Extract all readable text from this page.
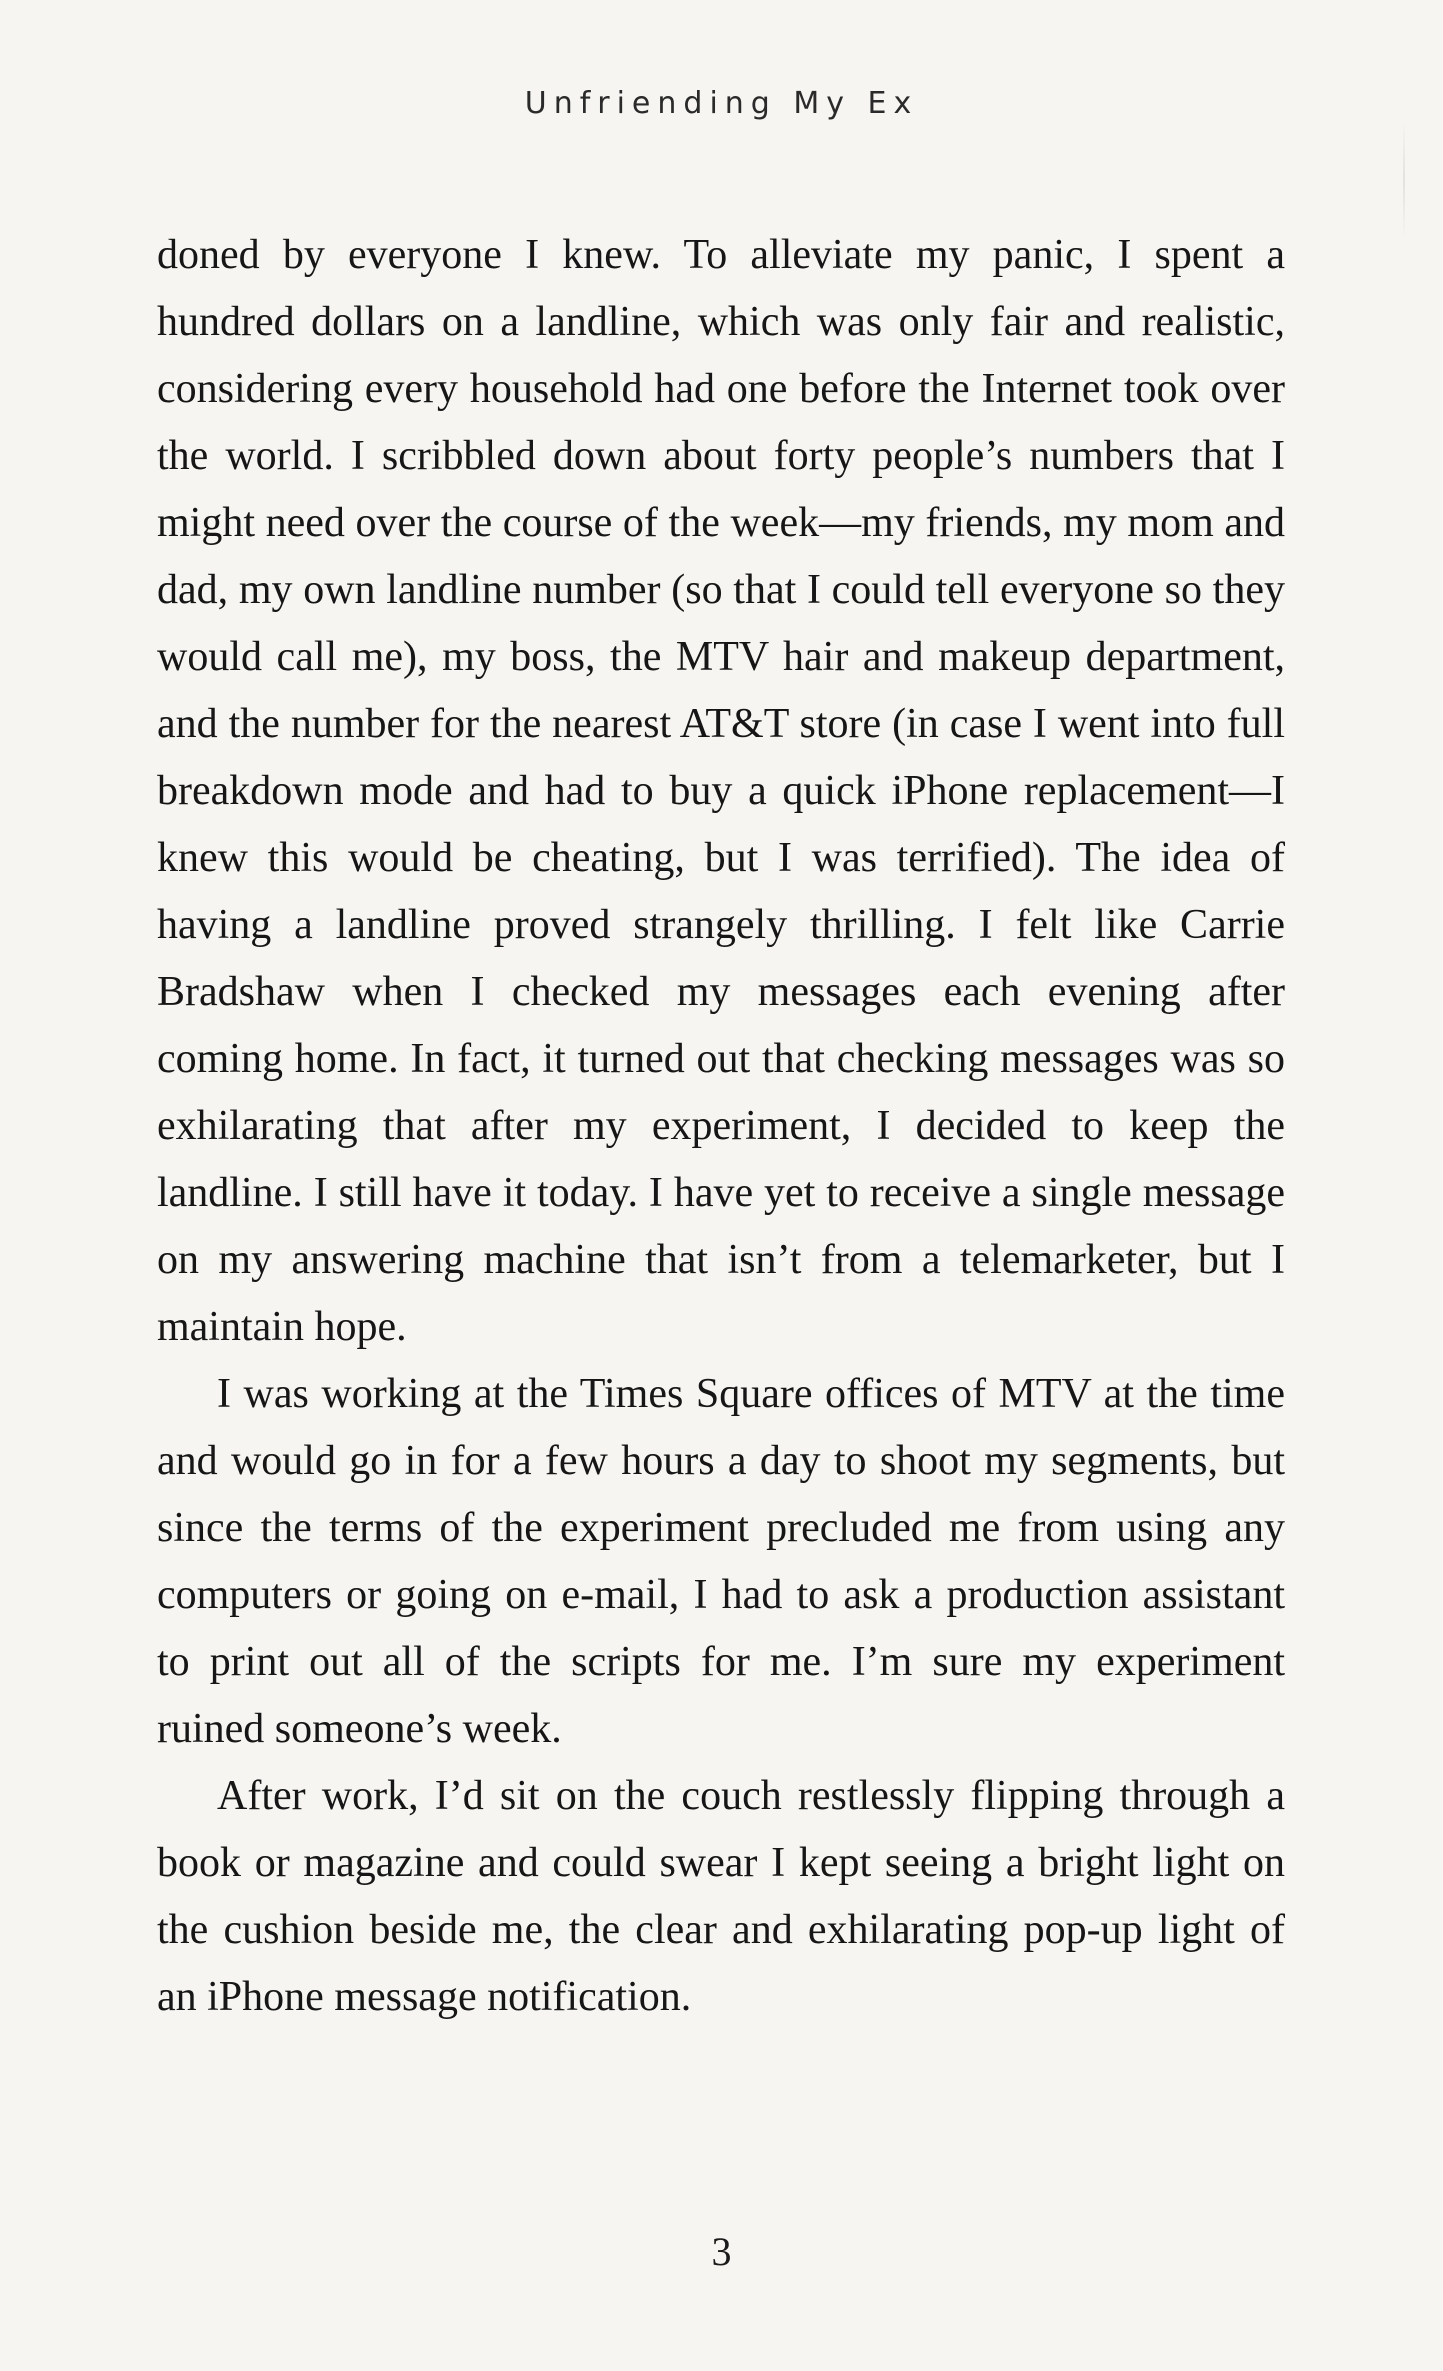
Unfriending My Ex

doned by everyone I knew. To alleviate my panic, I spent a hundred dollars on a landline, which was only fair and realistic, considering every household had one before the Internet took over the world. I scribbled down about forty people’s numbers that I might need over the course of the week—my friends, my mom and dad, my own landline number (so that I could tell everyone so they would call me), my boss, the MTV hair and makeup department, and the number for the nearest AT&T store (in case I went into full breakdown mode and had to buy a quick iPhone replacement—I knew this would be cheating, but I was terrified). The idea of having a landline proved strangely thrilling. I felt like Carrie Bradshaw when I checked my messages each evening after coming home. In fact, it turned out that checking messages was so exhilarating that after my experiment, I decided to keep the landline. I still have it today. I have yet to receive a single message on my answering machine that isn’t from a telemarketer, but I maintain hope.

I was working at the Times Square offices of MTV at the time and would go in for a few hours a day to shoot my segments, but since the terms of the experiment precluded me from using any computers or going on e-mail, I had to ask a production assistant to print out all of the scripts for me. I’m sure my experiment ruined someone’s week.

After work, I’d sit on the couch restlessly flipping through a book or magazine and could swear I kept seeing a bright light on the cushion beside me, the clear and exhilarating pop-up light of an iPhone message notification.

3
